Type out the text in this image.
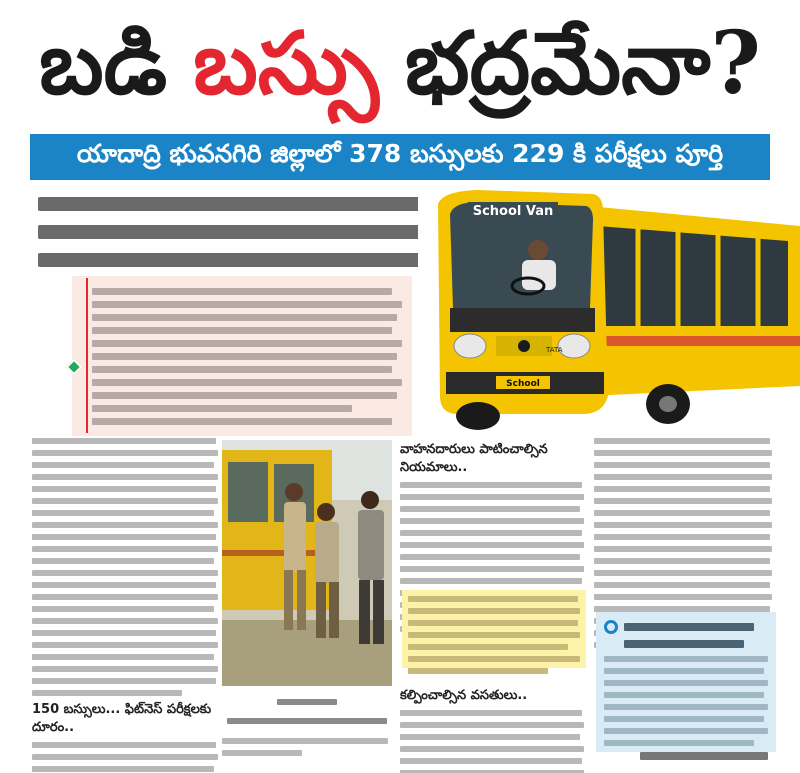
బడి బస్సు భద్రమేనా?
యాదాద్రి భువనగిరి జిల్లాలో 378 బస్సులకు 229 కి పరీక్షలు పూర్తి
School Van
TATA
School
150 బస్సులు... ఫిట్‌నెస్ పరీక్షలకు దూరం..

వాహనదారులు పాటించాల్సిన నియమాలు..
కల్పించాల్సిన వసతులు..
